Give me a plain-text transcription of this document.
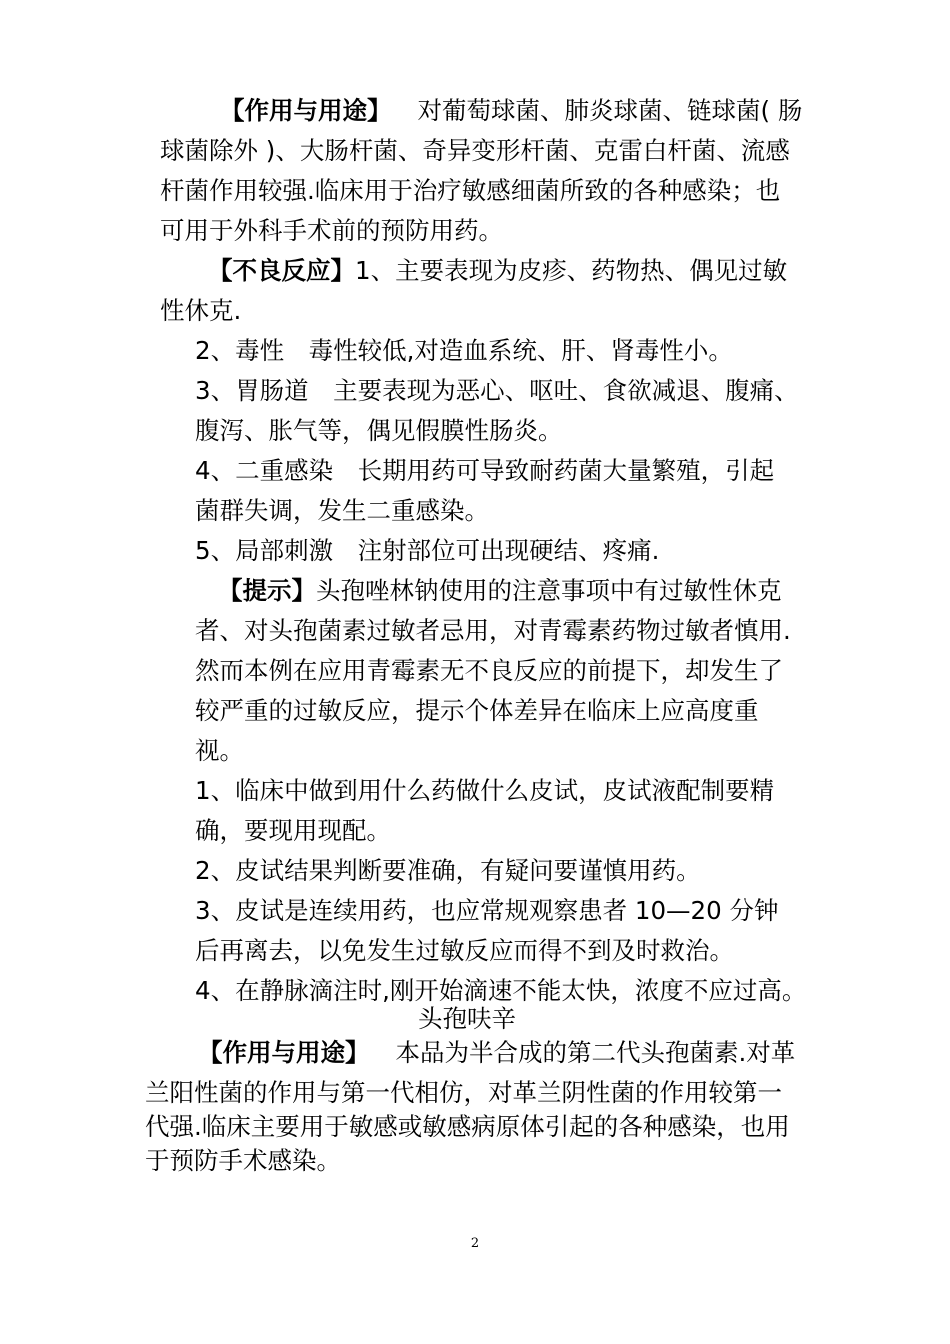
【作用与用途】 对葡萄球菌、肺炎球菌、链球菌( 肠
球菌除外 )、大肠杆菌、奇异变形杆菌、克雷白杆菌、流感
杆菌作用较强.临床用于治疗敏感细菌所致的各种感染；也
可用于外科手术前的预防用药。
【不良反应】1、主要表现为皮疹、药物热、偶见过敏
性休克.
2、毒性　毒性较低,对造血系统、肝、肾毒性小。
3、胃肠道　主要表现为恶心、呕吐、食欲减退、腹痛、
腹泻、胀气等，偶见假膜性肠炎。
4、二重感染　长期用药可导致耐药菌大量繁殖，引起
菌群失调，发生二重感染。
5、局部刺激　注射部位可出现硬结、疼痛.
【提示】头孢唑林钠使用的注意事项中有过敏性休克
者、对头孢菌素过敏者忌用，对青霉素药物过敏者慎用.
然而本例在应用青霉素无不良反应的前提下，却发生了
较严重的过敏反应，提示个体差异在临床上应高度重
视。
1、临床中做到用什么药做什么皮试，皮试液配制要精
确，要现用现配。
2、皮试结果判断要准确，有疑问要谨慎用药。
3、皮试是连续用药，也应常规观察患者 10—20 分钟
后再离去，以免发生过敏反应而得不到及时救治。
4、在静脉滴注时,刚开始滴速不能太快，浓度不应过高。
头孢呋辛
【作用与用途】 本品为半合成的第二代头孢菌素.对革
兰阳性菌的作用与第一代相仿，对革兰阴性菌的作用较第一
代强.临床主要用于敏感或敏感病原体引起的各种感染，也用
于预防手术感染。
2
